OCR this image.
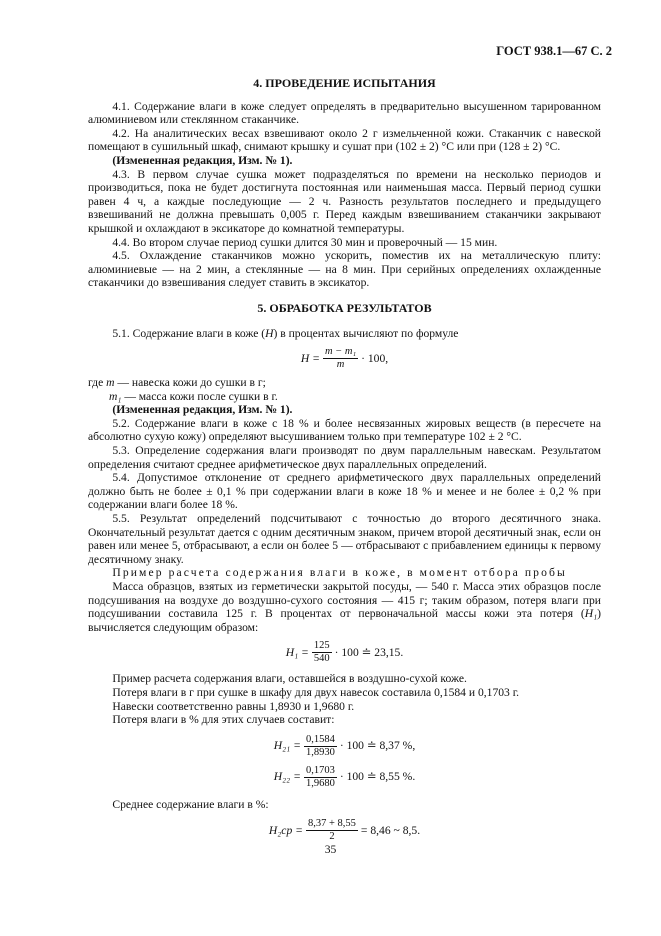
ГОСТ 938.1—67 С. 2
4. ПРОВЕДЕНИЕ ИСПЫТАНИЯ

4.1. Содержание влаги в коже следует определять в предварительно высушенном тарированном алюминиевом или стеклянном стаканчике.

4.2. На аналитических весах взвешивают около 2 г измельченной кожи. Стаканчик с навеской помещают в сушильный шкаф, снимают крышку и сушат при (102 ± 2) °С или при (128 ± 2) °С.

(Измененная редакция, Изм. № 1).

4.3. В первом случае сушка может подразделяться по времени на несколько периодов и производиться, пока не будет достигнута постоянная или наименьшая масса. Первый период сушки равен 4 ч, а каждые последующие — 2 ч. Разность результатов последнего и предыдущего взвешиваний не должна превышать 0,005 г. Перед каждым взвешиванием стаканчики закрывают крышкой и охлаждают в эксикаторе до комнатной температуры.

4.4. Во втором случае период сушки длится 30 мин и проверочный — 15 мин.

4.5. Охлаждение стаканчиков можно ускорить, поместив их на металлическую плиту: алюминиевые — на 2 мин, а стеклянные — на 8 мин. При серийных определениях охлажденные стаканчики до взвешивания следует ставить в эксикатор.

5. ОБРАБОТКА РЕЗУЛЬТАТОВ

5.1. Содержание влаги в коже (H) в процентах вычисляют по формуле

$H = \frac{\text{m − m₁}}{m} \cdot 100$,

где m — навеска кожи до сушки в г;

m₁ — масса кожи после сушки в г.

(Измененная редакция, Изм. № 1).

5.2. Содержание влаги в коже с 18 % и более несвязанных жировых веществ (в пересчете на абсолютно сухую кожу) определяют высушиванием только при температуре 102 ± 2 °С.

5.3. Определение содержания влаги производят по двум параллельным навескам. Результатом определения считают среднее арифметическое двух параллельных определений.

5.4. Допустимое отклонение от среднего арифметического двух параллельных определений должно быть не более ± 0,1 % при содержании влаги в коже 18 % и менее и не более ± 0,2 % при содержании влаги более 18 %.

5.5. Результат определений подсчитывают с точностью до второго десятичного знака. Окончательный результат дается с одним десятичным знаком, причем второй десятичный знак, если он равен или менее 5, отбрасывают, а если он более 5 — отбрасывают с прибавлением единицы к первому десятичному знаку.

Пример расчета содержания влаги в коже, в момент отбора пробы

Масса образцов, взятых из герметически закрытой посуды, — 540 г. Масса этих образцов после подсушивания на воздухе до воздушно-сухого состояния — 415 г; таким образом, потеря влаги при подсушивании составила 125 г. В процентах от первоначальной массы кожи эта потеря (H₁) вычисляется следующим образом:

$H_1 = \frac{125}{540} \cdot 100$ ≐ 23,15.

Пример расчета содержания влаги, оставшейся в воздушно-сухой коже.

Потеря влаги в г при сушке в шкафу для двух навесок составила 0,1584 и 0,1703 г.

Навески соответственно равны 1,8930 и 1,9680 г.

Потеря влаги в % для этих случаев составит:

$H_{21} = \frac{0,1584}{1,8930} \cdot 100$ ≐ 8,37 %,
$H_{22} = \frac{0,1703}{1,9680} \cdot 100$ ≐ 8,55 %.

Среднее содержание влаги в %:

$H_2ср = \frac{8,37 + 8,55}{2} = 8,46$ ~ 8,5.
35
